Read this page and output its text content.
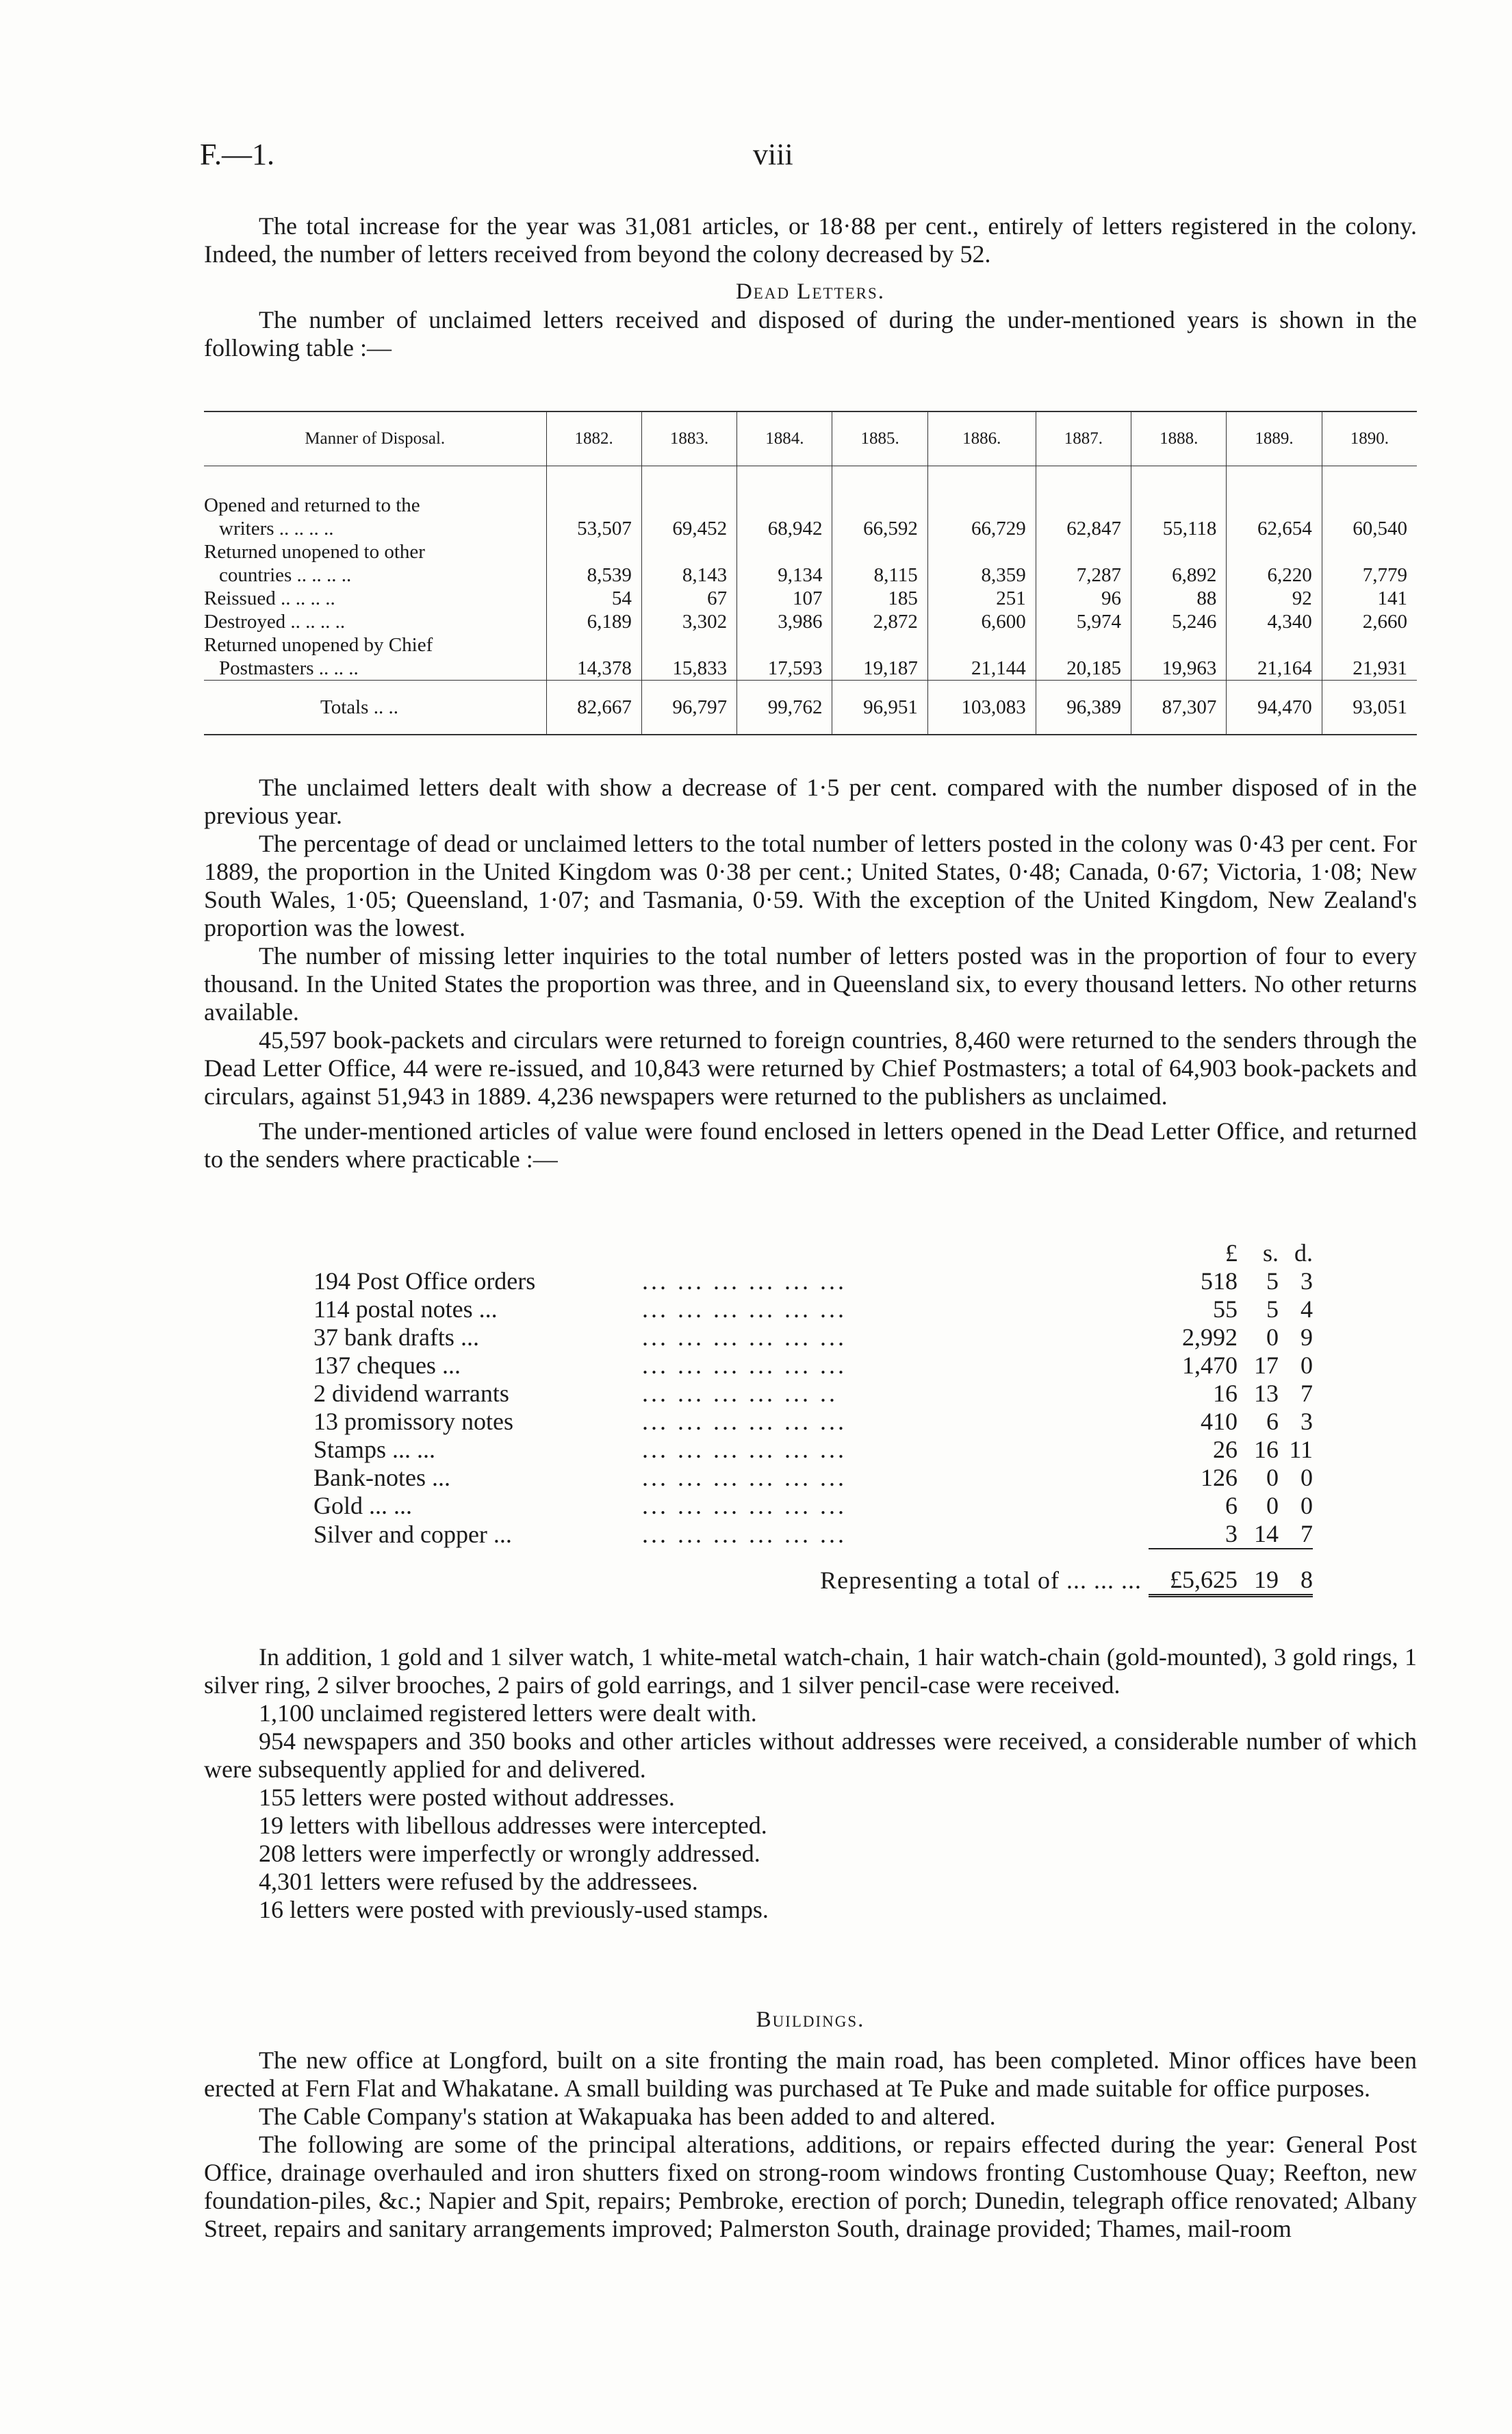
F.—1.	viii

The total increase for the year was 31,081 articles, or 18·88 per cent., entirely of letters registered in the colony. Indeed, the number of letters received from beyond the colony decreased by 52.

Dead Letters.

The number of unclaimed letters received and disposed of during the under-mentioned years is shown in the following table :—

Manner of Disposal.	1882.	1883.	1884.	1885.	1886.	1887.	1888.	1889.	1890.

Opened and returned to the
writers .. .. .. ..	53,507	69,452	68,942	66,592	66,729	62,847	55,118	62,654	60,540

Returned unopened to other
countries .. .. .. ..	8,539	8,143	9,134	8,115	8,359	7,287	6,892	6,220	7,779
Reissued .. .. .. ..	54	67	107	185	251	96	88	92	141
Destroyed .. .. .. ..	6,189	3,302	3,986	2,872	6,600	5,974	5,246	4,340	2,660

Returned unopened by Chief
Postmasters .. .. ..	14,378	15,833	17,593	19,187	21,144	20,185	19,963	21,164	21,931
Totals .. ..	82,667	96,797	99,762	96,951	103,083	96,389	87,307	94,470	93,051

The unclaimed letters dealt with show a decrease of 1·5 per cent. compared with the number disposed of in the previous year.

The percentage of dead or unclaimed letters to the total number of letters posted in the colony was 0·43 per cent. For 1889, the proportion in the United Kingdom was 0·38 per cent.; United States, 0·48; Canada, 0·67; Victoria, 1·08; New South Wales, 1·05; Queensland, 1·07; and Tasmania, 0·59. With the exception of the United Kingdom, New Zealand's proportion was the lowest.

The number of missing letter inquiries to the total number of letters posted was in the proportion of four to every thousand. In the United States the proportion was three, and in Queensland six, to every thousand letters. No other returns available.

45,597 book-packets and circulars were returned to foreign countries, 8,460 were returned to the senders through the Dead Letter Office, 44 were re-issued, and 10,843 were returned by Chief Postmasters; a total of 64,903 book-packets and circulars, against 51,943 in 1889. 4,236 newspapers were returned to the publishers as unclaimed.

The under-mentioned articles of value were found enclosed in letters opened in the Dead Letter Office, and returned to the senders where practicable :—

		£	s.	d.
194 Post Office orders	... ... ... ... ... ...	518	5	3
114 postal notes ...	... ... ... ... ... ...	55	5	4
37 bank drafts ...	... ... ... ... ... ...	2,992	0	9
137 cheques ...	... ... ... ... ... ...	1,470	17	0
2 dividend warrants	... ... ... ... ... ..	16	13	7
13 promissory notes	... ... ... ... ... ...	410	6	3
Stamps ... ...	... ... ... ... ... ...	26	16	11
Bank-notes ...	... ... ... ... ... ...	126	0	0
Gold ... ...	... ... ... ... ... ...	6	0	0
Silver and copper ...	... ... ... ... ... ...	3	14	7
Representing a total of ... ... ...		£5,625	19	8

In addition, 1 gold and 1 silver watch, 1 white-metal watch-chain, 1 hair watch-chain (gold-mounted), 3 gold rings, 1 silver ring, 2 silver brooches, 2 pairs of gold earrings, and 1 silver pencil-case were received.

1,100 unclaimed registered letters were dealt with.

954 newspapers and 350 books and other articles without addresses were received, a considerable number of which were subsequently applied for and delivered.

155 letters were posted without addresses.

19 letters with libellous addresses were intercepted.

208 letters were imperfectly or wrongly addressed.

4,301 letters were refused by the addressees.

16 letters were posted with previously-used stamps.

Buildings.

The new office at Longford, built on a site fronting the main road, has been completed. Minor offices have been erected at Fern Flat and Whakatane. A small building was purchased at Te Puke and made suitable for office purposes.

The Cable Company's station at Wakapuaka has been added to and altered.

The following are some of the principal alterations, additions, or repairs effected during the year: General Post Office, drainage overhauled and iron shutters fixed on strong-room windows fronting Customhouse Quay; Reefton, new foundation-piles, &c.; Napier and Spit, repairs; Pembroke, erection of porch; Dunedin, telegraph office renovated; Albany Street, repairs and sanitary arrangements improved; Palmerston South, drainage provided; Thames, mail-room
